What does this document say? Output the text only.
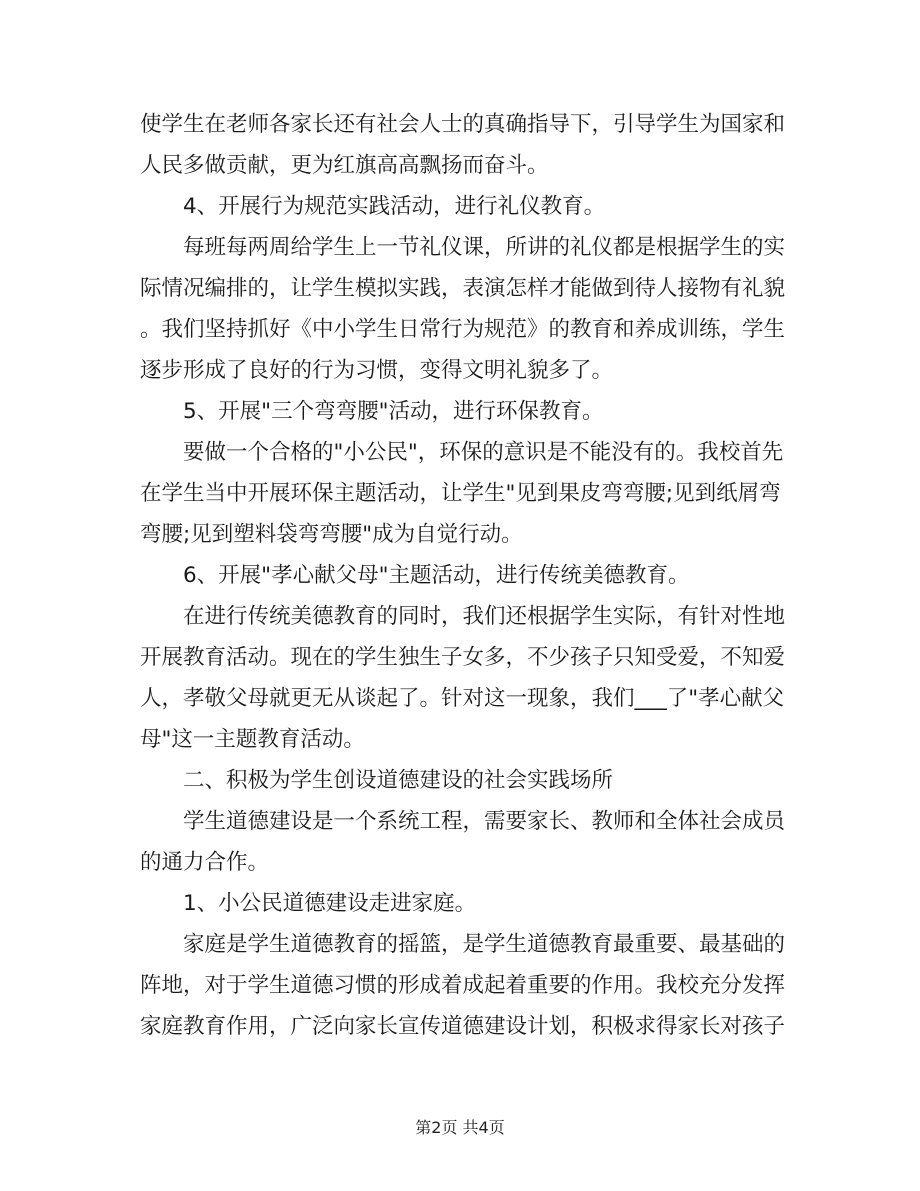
使学生在老师各家长还有社会人士的真确指导下，引导学生为国家和
人民多做贡献，更为红旗高高飘扬而奋斗。
4、开展行为规范实践活动，进行礼仪教育。
每班每两周给学生上一节礼仪课，所讲的礼仪都是根据学生的实
际情况编排的，让学生模拟实践，表演怎样才能做到待人接物有礼貌
。我们坚持抓好《中小学生日常行为规范》的教育和养成训练，学生
逐步形成了良好的行为习惯，变得文明礼貌多了。
5、开展"三个弯弯腰"活动，进行环保教育。
要做一个合格的"小公民"，环保的意识是不能没有的。我校首先
在学生当中开展环保主题活动，让学生"见到果皮弯弯腰;见到纸屑弯
弯腰;见到塑料袋弯弯腰"成为自觉行动。
6、开展"孝心献父母"主题活动，进行传统美德教育。
在进行传统美德教育的同时，我们还根据学生实际，有针对性地
开展教育活动。现在的学生独生子女多，不少孩子只知受爱，不知爱
人，孝敬父母就更无从谈起了。针对这一现象，我们___了"孝心献父
母"这一主题教育活动。
二、积极为学生创设道德建设的社会实践场所
学生道德建设是一个系统工程，需要家长、教师和全体社会成员
的通力合作。
1、小公民道德建设走进家庭。
家庭是学生道德教育的摇篮，是学生道德教育最重要、最基础的
阵地，对于学生道德习惯的形成着成起着重要的作用。我校充分发挥
家庭教育作用，广泛向家长宣传道德建设计划，积极求得家长对孩子
第2页 共4页
